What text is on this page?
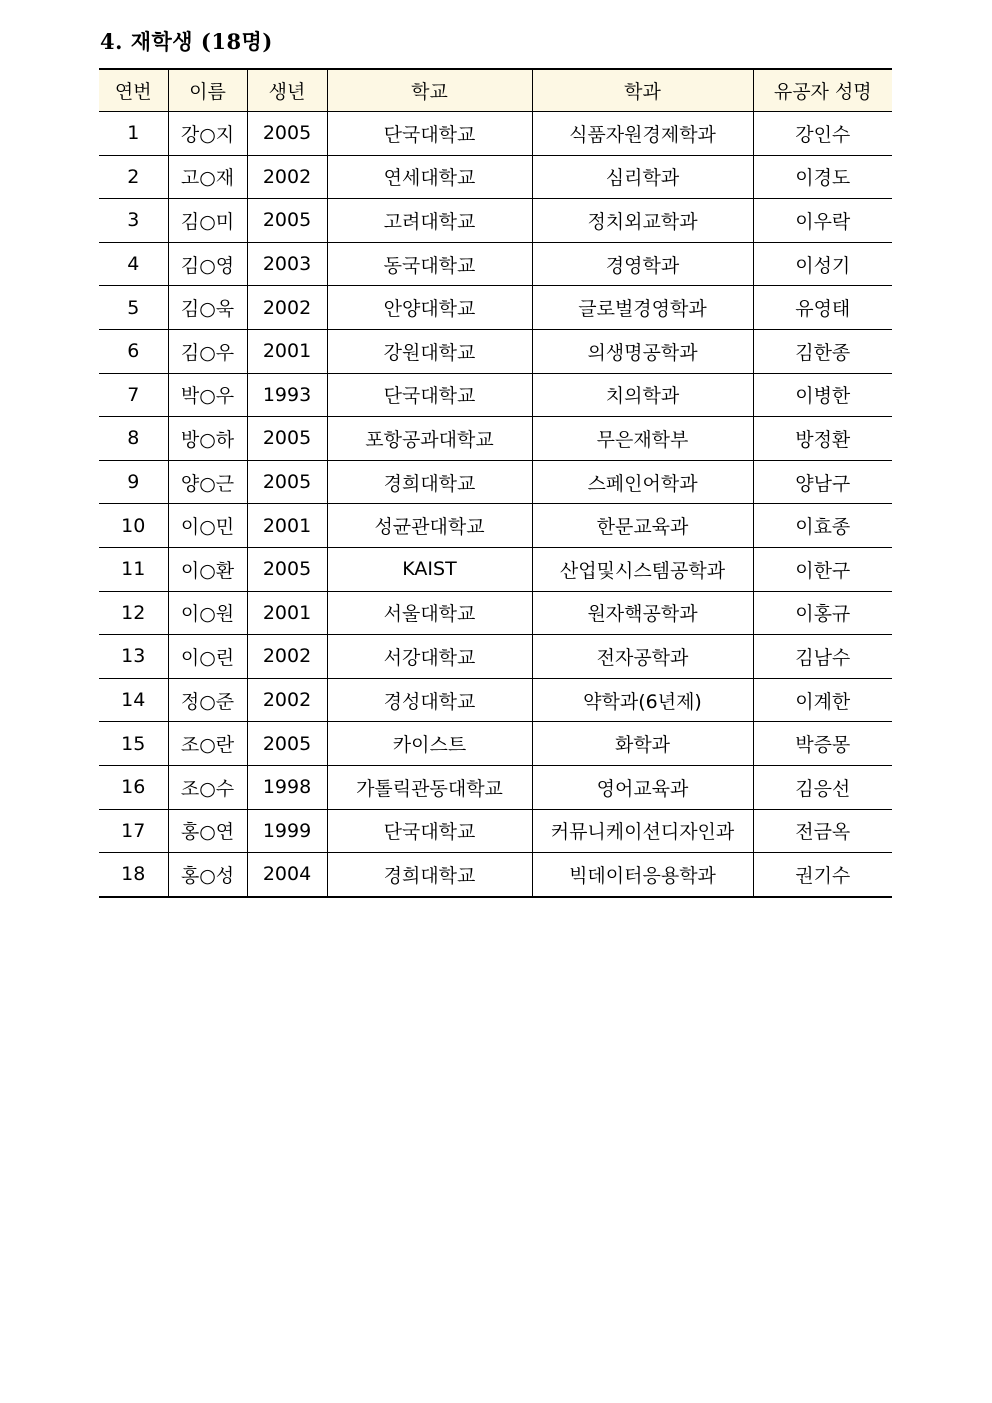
4. 재학생 (18명)
연번	이름	생년	학교	학과	유공자 성명
1	강○지	2005	단국대학교	식품자원경제학과	강인수
2	고○재	2002	연세대학교	심리학과	이경도
3	김○미	2005	고려대학교	정치외교학과	이우락
4	김○영	2003	동국대학교	경영학과	이성기
5	김○욱	2002	안양대학교	글로벌경영학과	유영태
6	김○우	2001	강원대학교	의생명공학과	김한종
7	박○우	1993	단국대학교	치의학과	이병한
8	방○하	2005	포항공과대학교	무은재학부	방정환
9	양○근	2005	경희대학교	스페인어학과	양남구
10	이○민	2001	성균관대학교	한문교육과	이효종
11	이○환	2005	KAIST	산업및시스템공학과	이한구
12	이○원	2001	서울대학교	원자핵공학과	이홍규
13	이○린	2002	서강대학교	전자공학과	김남수
14	정○준	2002	경성대학교	약학과(6년제)	이계한
15	조○란	2005	카이스트	화학과	박증몽
16	조○수	1998	가톨릭관동대학교	영어교육과	김응선
17	홍○연	1999	단국대학교	커뮤니케이션디자인과	전금옥
18	홍○성	2004	경희대학교	빅데이터응용학과	권기수
